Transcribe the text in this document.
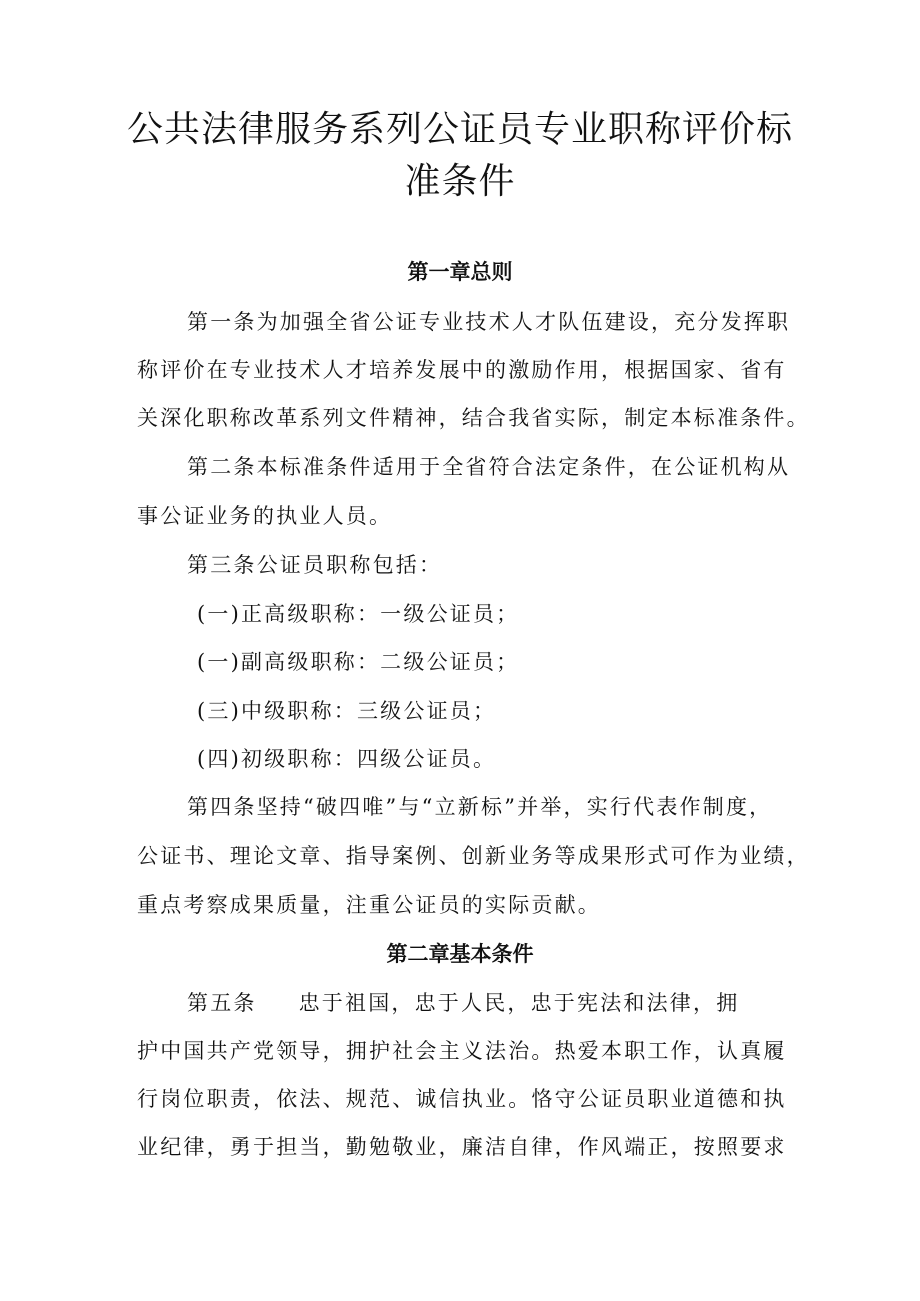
公共法律服务系列公证员专业职称评价标
准条件
第一章总则
第一条为加强全省公证专业技术人才队伍建设，充分发挥职
称评价在专业技术人才培养发展中的激励作用，根据国家、省有
关深化职称改革系列文件精神，结合我省实际，制定本标准条件。
第二条本标准条件适用于全省符合法定条件，在公证机构从
事公证业务的执业人员。
第三条公证员职称包括：
(一)正高级职称：一级公证员；
(一)副高级职称：二级公证员；
(三)中级职称：三级公证员；
(四)初级职称：四级公证员。
第四条坚持“破四唯”与“立新标”并举，实行代表作制度，
公证书、理论文章、指导案例、创新业务等成果形式可作为业绩，
重点考察成果质量，注重公证员的实际贡献。
第二章基本条件
第五条 忠于祖国，忠于人民，忠于宪法和法律，拥
护中国共产党领导，拥护社会主义法治。热爱本职工作，认真履
行岗位职责，依法、规范、诚信执业。恪守公证员职业道德和执
业纪律，勇于担当，勤勉敬业，廉洁自律，作风端正，按照要求
